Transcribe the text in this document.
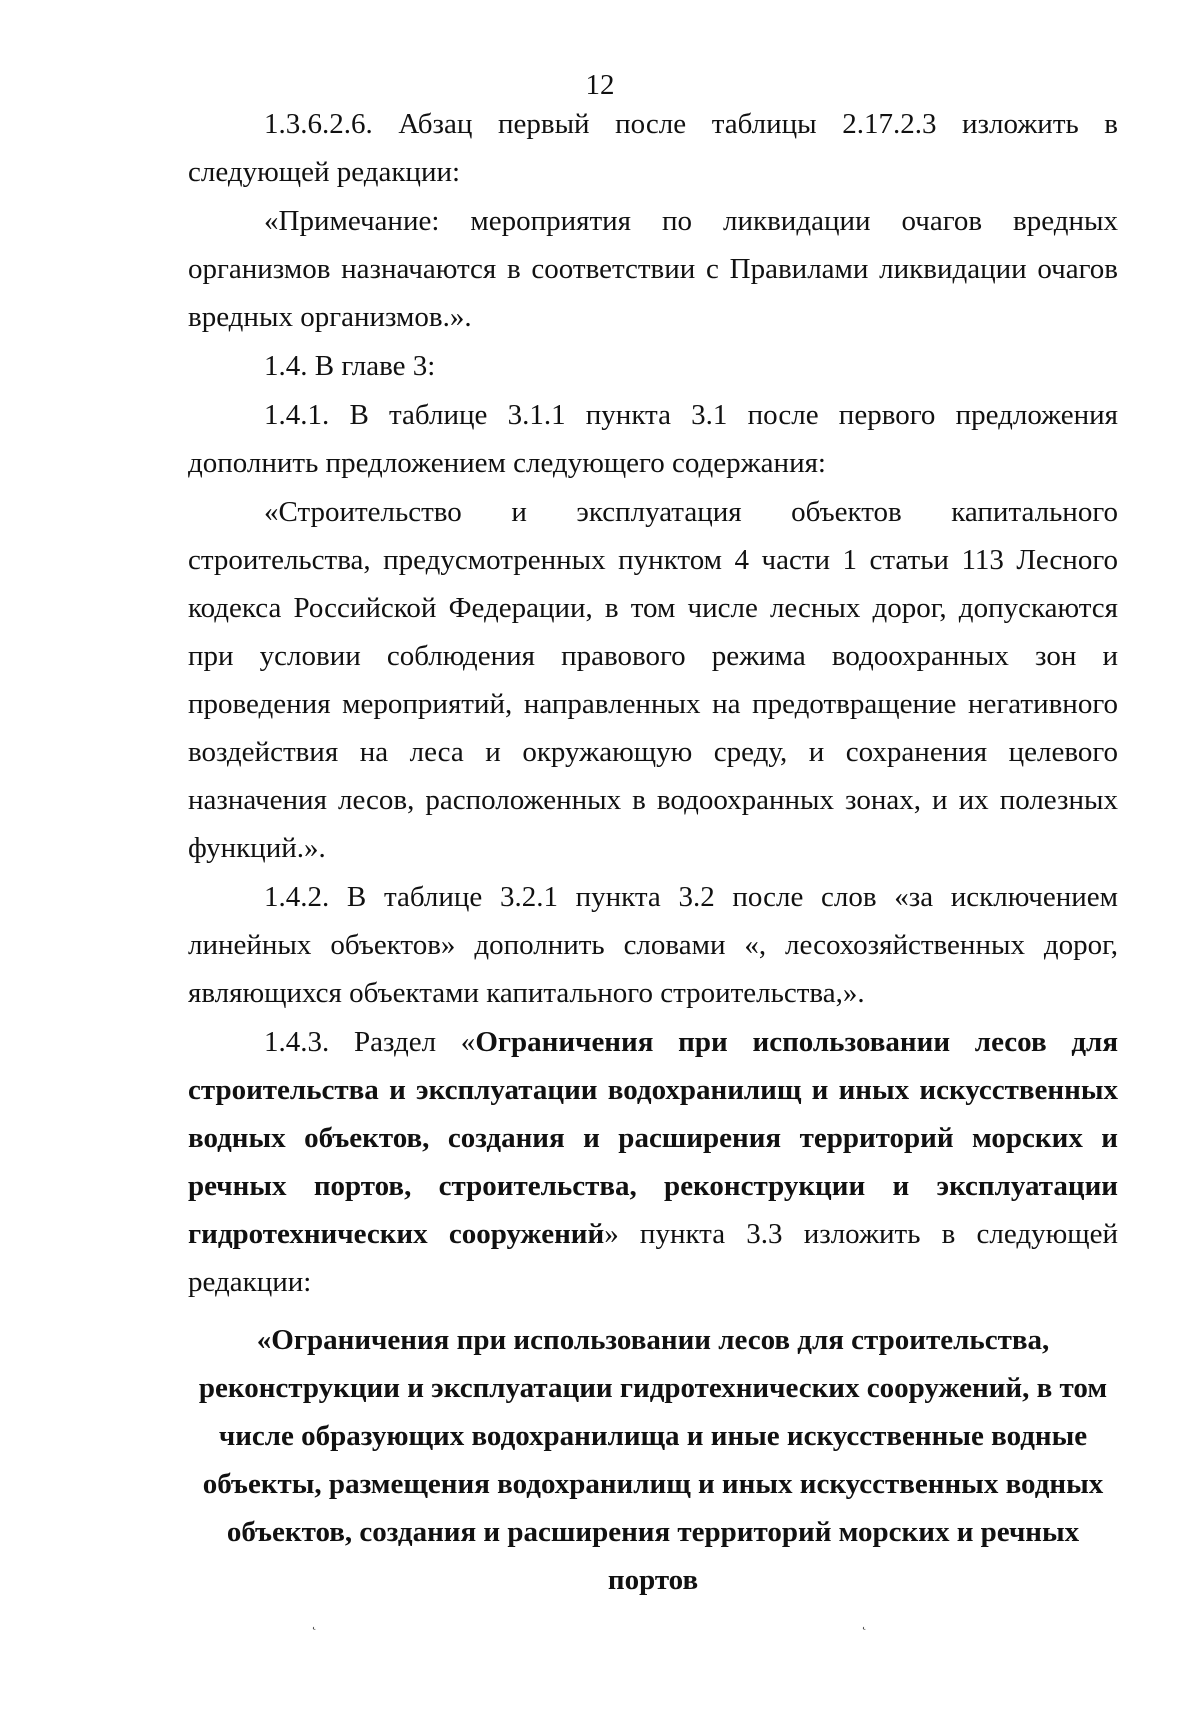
12

1.3.6.2.6. Абзац первый после таблицы 2.17.2.3 изложить в следующей редакции:

«Примечание: мероприятия по ликвидации очагов вредных организмов назначаются в соответствии с Правилами ликвидации очагов вредных организмов.».

1.4. В главе 3:

1.4.1. В таблице 3.1.1 пункта 3.1 после первого предложения дополнить предложением следующего содержания:

«Строительство и эксплуатация объектов капитального строительства, предусмотренных пунктом 4 части 1 статьи 113 Лесного кодекса Российской Федерации, в том числе лесных дорог, допускаются при условии соблюдения правового режима водоохранных зон и проведения мероприятий, направленных на предотвращение негативного воздействия на леса и окружающую среду, и сохранения целевого назначения лесов, расположенных в водоохранных зонах, и их полезных функций.».

1.4.2. В таблице 3.2.1 пункта 3.2 после слов «за исключением линейных объектов» дополнить словами «, лесохозяйственных дорог, являющихся объектами капитального строительства,».

1.4.3. Раздел «Ограничения при использовании лесов для строительства и эксплуатации водохранилищ и иных искусственных водных объектов, создания и расширения территорий морских и речных портов, строительства, реконструкции и эксплуатации гидротехнических сооружений» пункта 3.3 изложить в следующей редакции:

«Ограничения при использовании лесов для строительства,
реконструкции и эксплуатации гидротехнических сооружений, в том
числе образующих водохранилища и иные искусственные водные
объекты, размещения водохранилищ и иных искусственных водных
объектов, создания и расширения территорий морских и речных
портов
˛	˛
